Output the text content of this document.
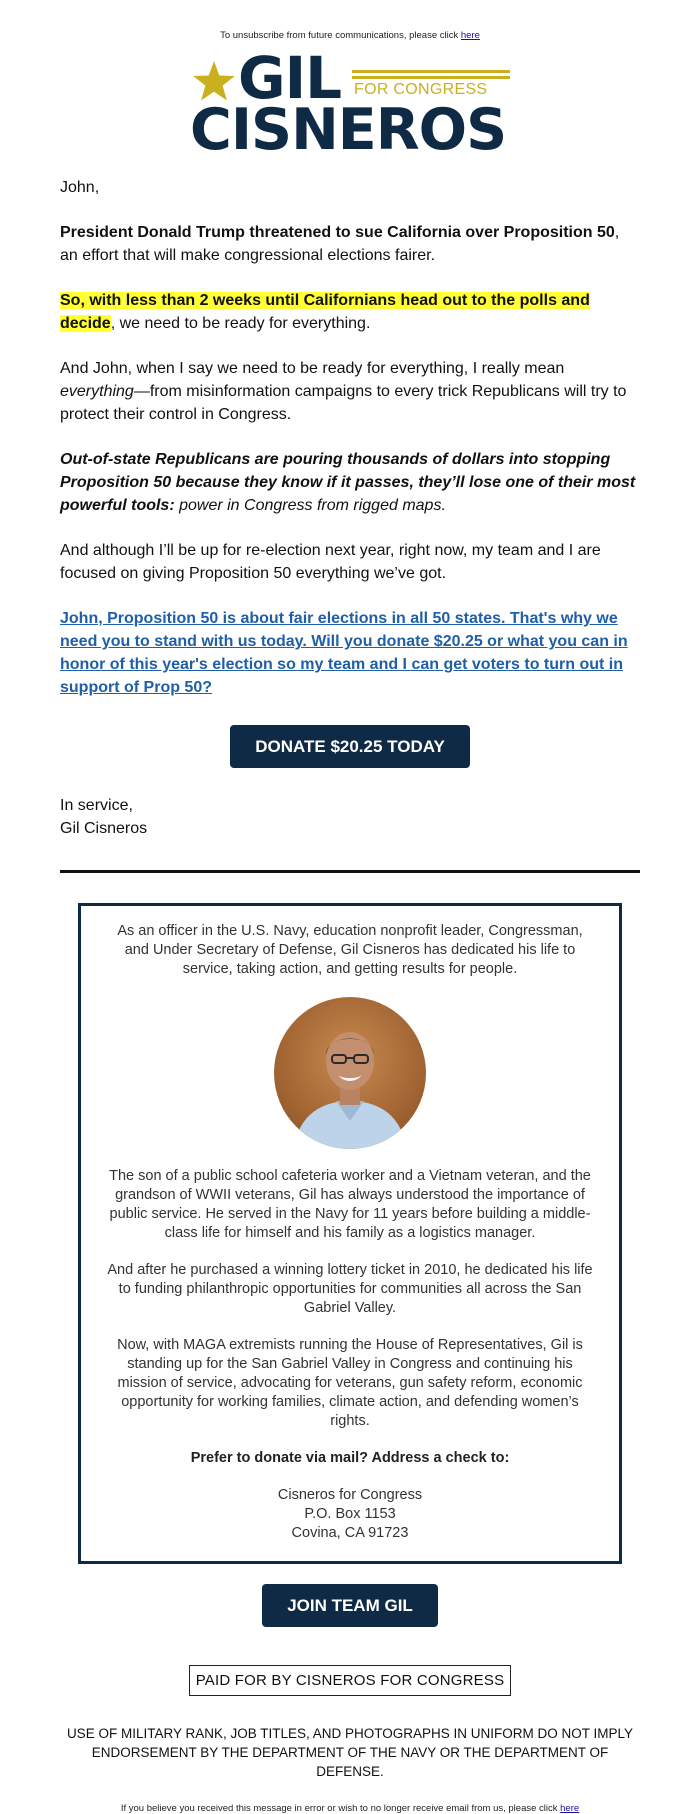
To unsubscribe from future communications, please click here
GIL FOR CONGRESS
CISNEROS

John,

President Donald Trump threatened to sue California over Proposition 50, an effort that will make congressional elections fairer.

So, with less than 2 weeks until Californians head out to the polls and decide, we need to be ready for everything.

And John, when I say we need to be ready for everything, I really mean everything—from misinformation campaigns to every trick Republicans will try to protect their control in Congress.

Out-of-state Republicans are pouring thousands of dollars into stopping Proposition 50 because they know if it passes, they’ll lose one of their most powerful tools: power in Congress from rigged maps.

And although I’ll be up for re-election next year, right now, my team and I are focused on giving Proposition 50 everything we’ve got.

John, Proposition 50 is about fair elections in all 50 states. That's why we need you to stand with us today. Will you donate $20.25 or what you can in honor of this year's election so my team and I can get voters to turn out in support of Prop 50?

DONATE $20.25 TODAY
In service,
Gil Cisneros

As an officer in the U.S. Navy, education nonprofit leader, Congressman, and Under Secretary of Defense, Gil Cisneros has dedicated his life to service, taking action, and getting results for people.

The son of a public school cafeteria worker and a Vietnam veteran, and the grandson of WWII veterans, Gil has always understood the importance of public service. He served in the Navy for 11 years before building a middle-class life for himself and his family as a logistics manager.

And after he purchased a winning lottery ticket in 2010, he dedicated his life to funding philanthropic opportunities for communities all across the San Gabriel Valley.

Now, with MAGA extremists running the House of Representatives, Gil is standing up for the San Gabriel Valley in Congress and continuing his mission of service, advocating for veterans, gun safety reform, economic opportunity for working families, climate action, and defending women’s rights.

Prefer to donate via mail? Address a check to:

Cisneros for Congress
P.O. Box 1153
Covina, CA 91723

JOIN TEAM GIL
PAID FOR BY CISNEROS FOR CONGRESS
USE OF MILITARY RANK, JOB TITLES, AND PHOTOGRAPHS IN UNIFORM DO NOT IMPLY ENDORSEMENT BY THE DEPARTMENT OF THE NAVY OR THE DEPARTMENT OF DEFENSE.
If you believe you received this message in error or wish to no longer receive email from us, please click here
